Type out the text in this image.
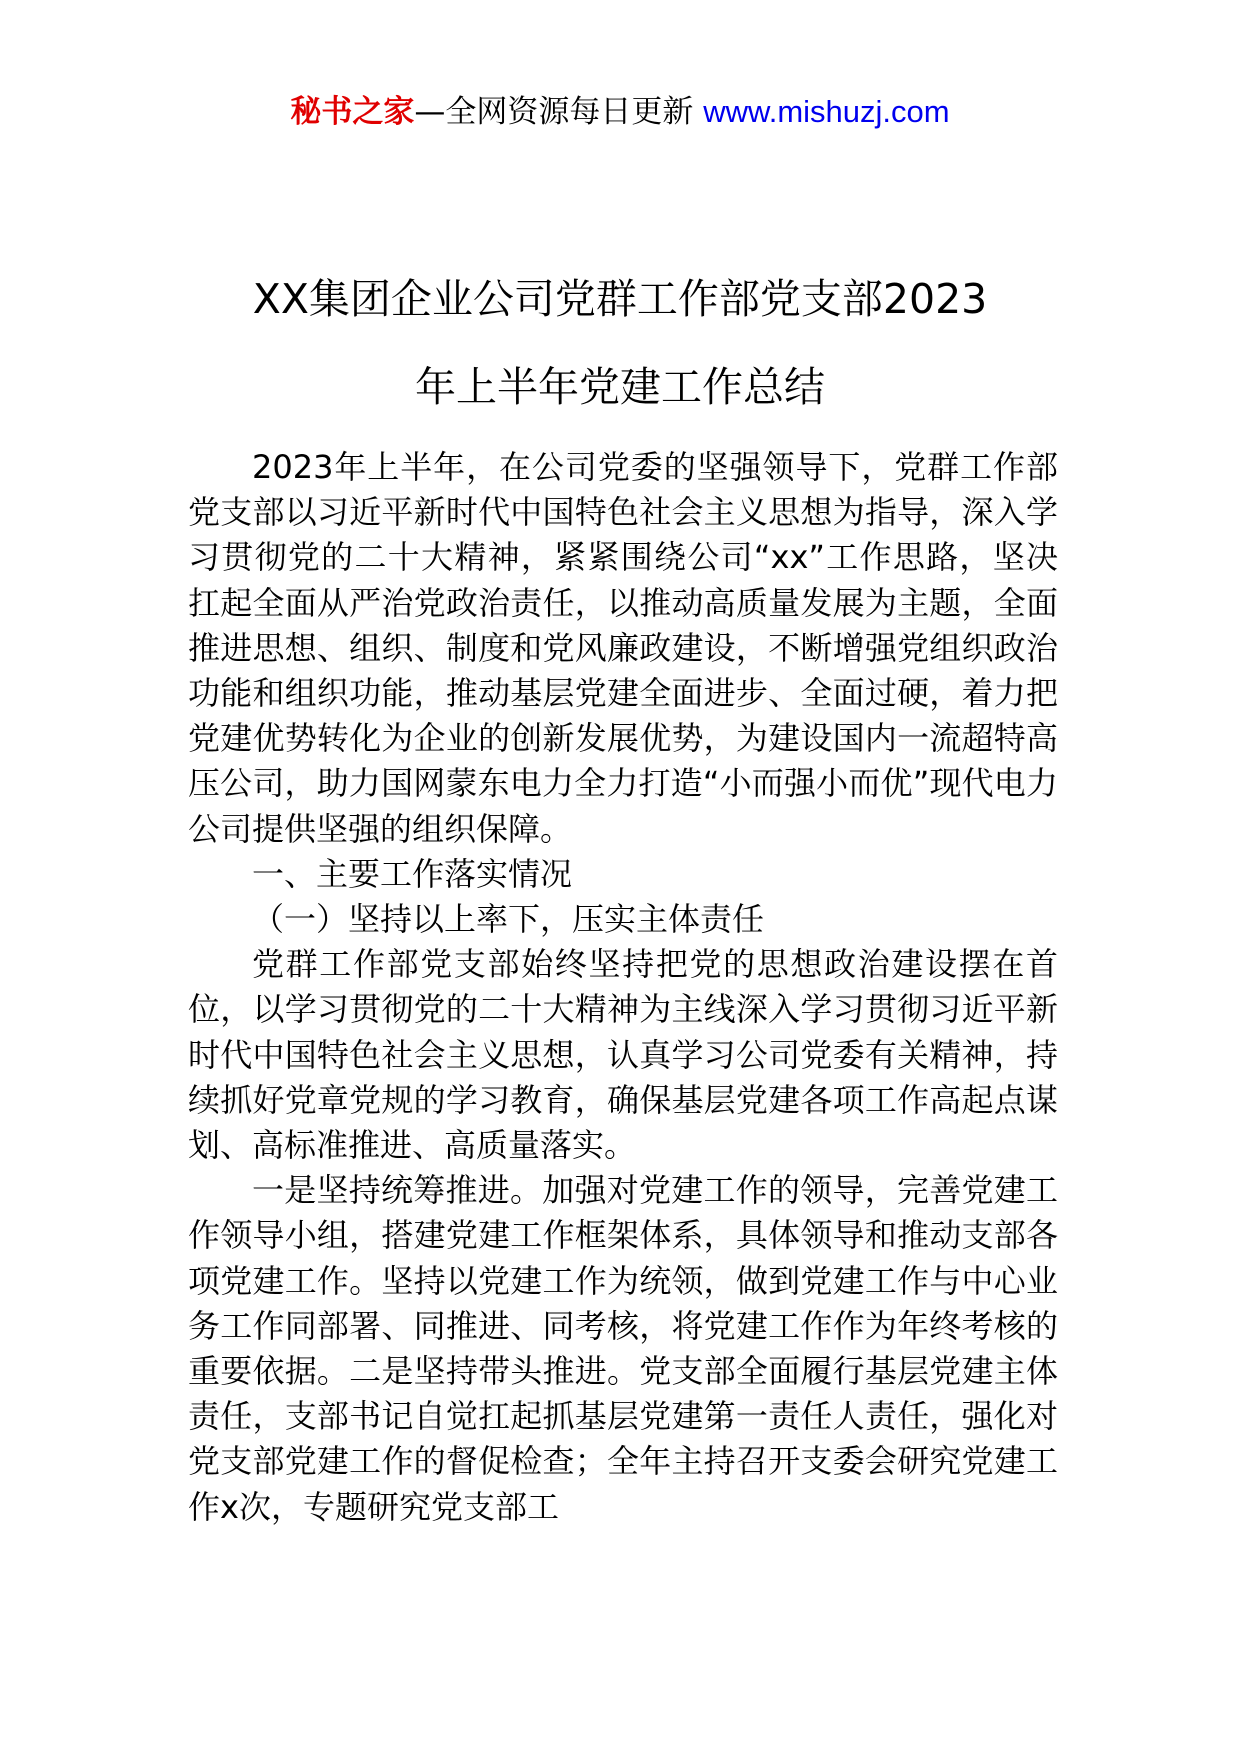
秘书之家—全网资源每日更新 www.mishuzj.com
XX集团企业公司党群工作部党支部2023
年上半年党建工作总结

2023年上半年，在公司党委的坚强领导下，党群工作部党支部以习近平新时代中国特色社会主义思想为指导，深入学习贯彻党的二十大精神，紧紧围绕公司“xx”工作思路，坚决扛起全面从严治党政治责任，以推动高质量发展为主题，全面推进思想、组织、制度和党风廉政建设，不断增强党组织政治功能和组织功能，推动基层党建全面进步、全面过硬，着力把党建优势转化为企业的创新发展优势，为建设国内一流超特高压公司，助力国网蒙东电力全力打造“小而强小而优”现代电力公司提供坚强的组织保障。

一、主要工作落实情况

（一）坚持以上率下，压实主体责任

党群工作部党支部始终坚持把党的思想政治建设摆在首位，以学习贯彻党的二十大精神为主线深入学习贯彻习近平新时代中国特色社会主义思想，认真学习公司党委有关精神，持续抓好党章党规的学习教育，确保基层党建各项工作高起点谋划、高标准推进、高质量落实。

一是坚持统筹推进。加强对党建工作的领导，完善党建工作领导小组，搭建党建工作框架体系，具体领导和推动支部各项党建工作。坚持以党建工作为统领，做到党建工作与中心业务工作同部署、同推进、同考核，将党建工作作为年终考核的重要依据。二是坚持带头推进。党支部全面履行基层党建主体责任，支部书记自觉扛起抓基层党建第一责任人责任，强化对党支部党建工作的督促检查；全年主持召开支委会研究党建工作x次，专题研究党支部工
